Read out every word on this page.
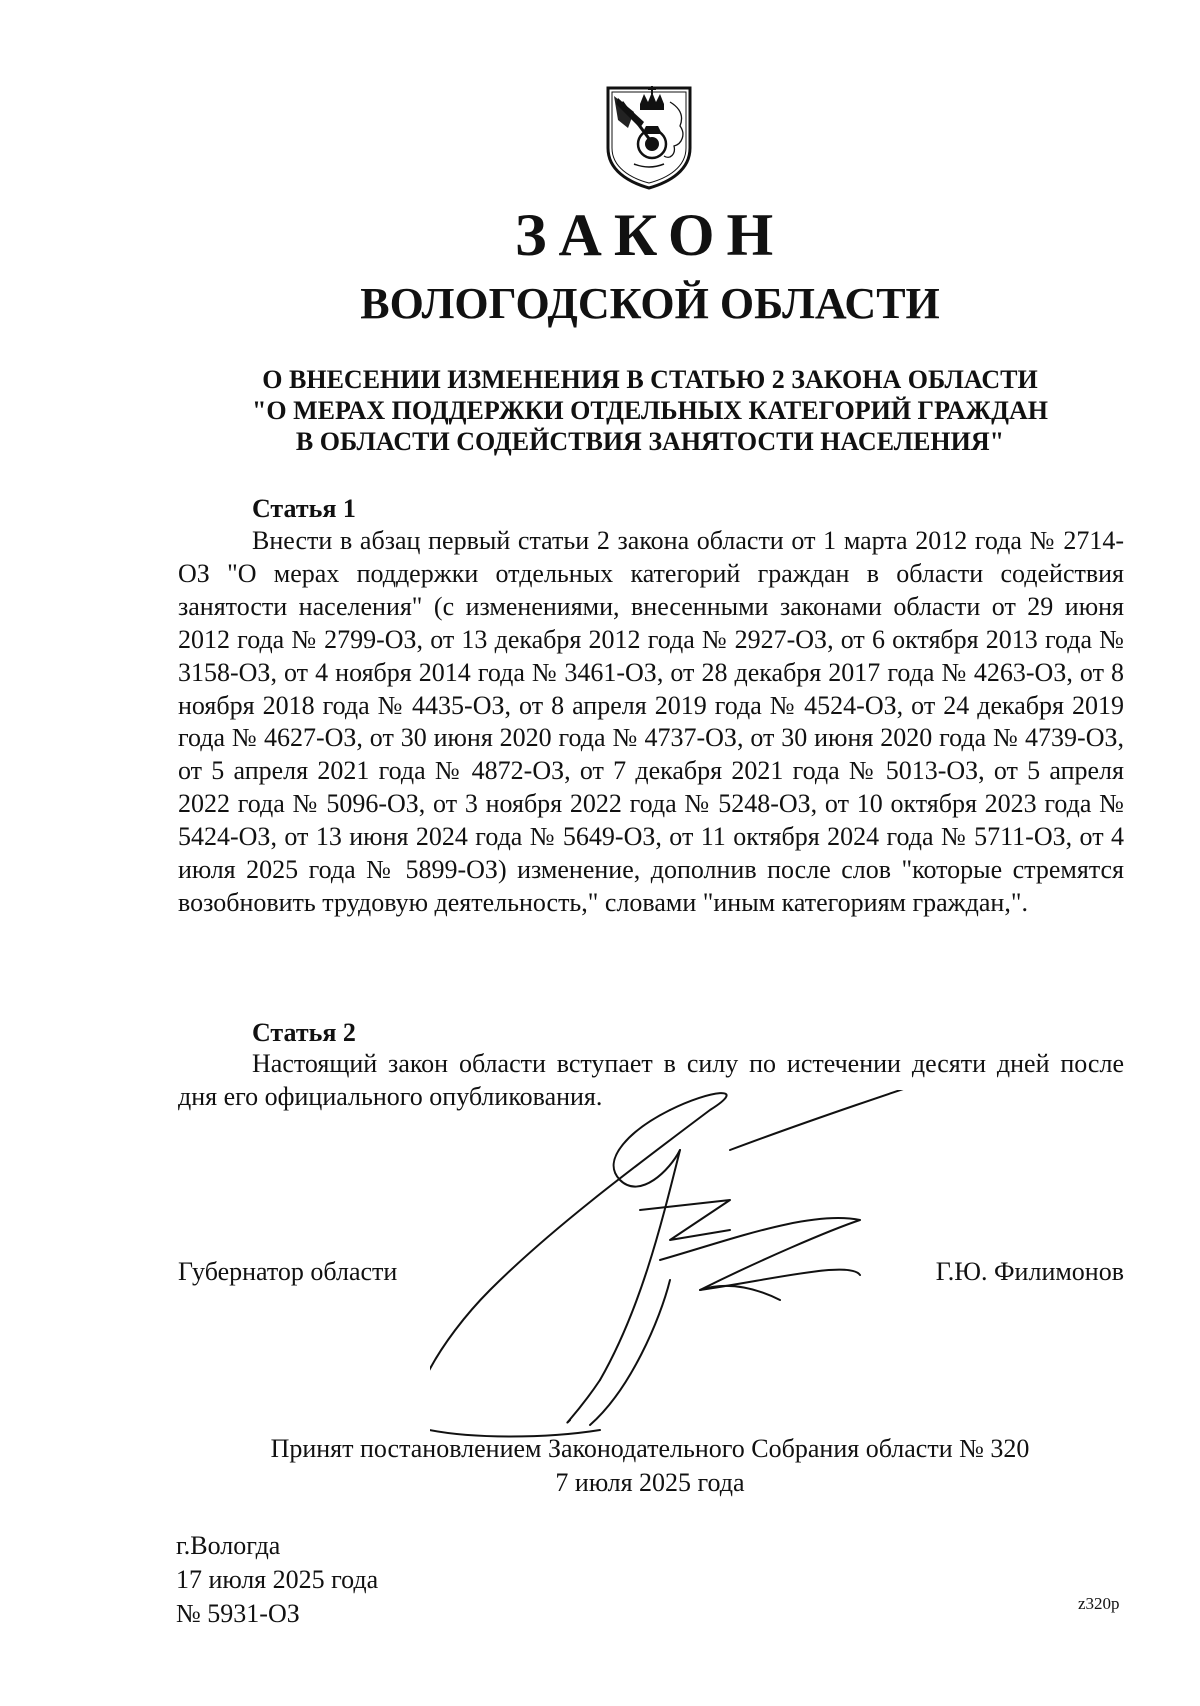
ЗАКОН
ВОЛОГОДСКОЙ ОБЛАСТИ
О ВНЕСЕНИИ ИЗМЕНЕНИЯ В СТАТЬЮ 2 ЗАКОНА ОБЛАСТИ
"О МЕРАХ ПОДДЕРЖКИ ОТДЕЛЬНЫХ КАТЕГОРИЙ ГРАЖДАН
В ОБЛАСТИ СОДЕЙСТВИЯ ЗАНЯТОСТИ НАСЕЛЕНИЯ"
Статья 1

Внести в абзац первый статьи 2 закона области от 1 марта 2012 года № 2714-ОЗ "О мерах поддержки отдельных категорий граждан в области содействия занятости населения" (с изменениями, внесенными законами области от 29 июня 2012 года № 2799-ОЗ, от 13 декабря 2012 года № 2927-ОЗ, от 6 октября 2013 года № 3158-ОЗ, от 4 ноября 2014 года № 3461-ОЗ, от 28 декабря 2017 года № 4263-ОЗ, от 8 ноября 2018 года № 4435-ОЗ, от 8 апреля 2019 года № 4524-ОЗ, от 24 декабря 2019 года № 4627-ОЗ, от 30 июня 2020 года № 4737-ОЗ, от 30 июня 2020 года № 4739-ОЗ, от 5 апреля 2021 года № 4872-ОЗ, от 7 декабря 2021 года № 5013-ОЗ, от 5 апреля 2022 года № 5096-ОЗ, от 3 ноября 2022 года № 5248-ОЗ, от 10 октября 2023 года № 5424-ОЗ, от 13 июня 2024 года № 5649-ОЗ, от 11 октября 2024 года № 5711-ОЗ, от 4 июля 2025 года № 5899-ОЗ) изменение, дополнив после слов "которые стремятся возобновить трудовую деятельность," словами "иным категориям граждан,".

Статья 2

Настоящий закон области вступает в силу по истечении десяти дней после дня его официального опубликования.

Губернатор области	Г.Ю. Филимонов
Принят постановлением Законодательного Собрания области № 320
7 июля 2025 года
г.Вологда
17 июля 2025 года
№ 5931-ОЗ	z320р
